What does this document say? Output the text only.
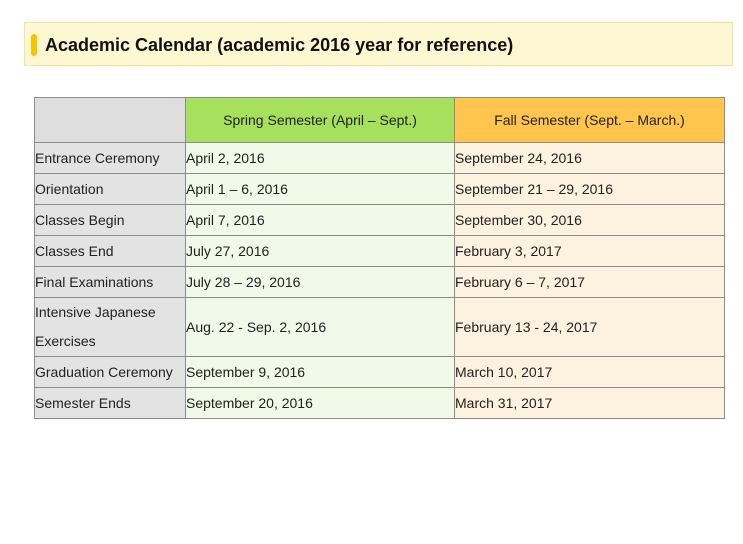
Academic Calendar (academic 2016 year for reference)
	Spring Semester (April – Sept.)	Fall Semester (Sept. – March.)
Entrance Ceremony	April 2, 2016	September 24, 2016
Orientation	April 1 – 6, 2016	September 21 – 29, 2016
Classes Begin	April 7, 2016	September 30, 2016
Classes End	July 27, 2016	February 3, 2017
Final Examinations	July 28 – 29, 2016	February 6 – 7, 2017
Intensive Japanese Exercises	Aug. 22 - Sep. 2, 2016	February 13 - 24, 2017
Graduation Ceremony	September 9, 2016	March 10, 2017
Semester Ends	September 20, 2016	March 31, 2017
